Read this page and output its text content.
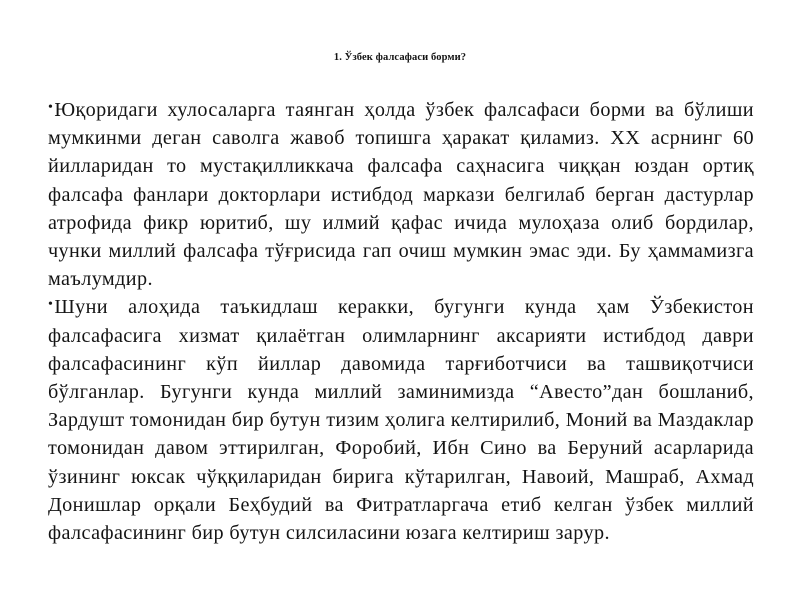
1. Ўзбек фалсафаси борми?

•Юқоридаги хулосаларга таянган ҳолда ўзбек фалсафаси борми ва бўлиши мумкинми деган саволга жавоб топишга ҳаракат қиламиз. ХХ асрнинг 60 йилларидан то мустақилликкача фалсафа саҳнасига чиққан юздан ортиқ фалсафа фанлари докторлари истибдод маркази белгилаб берган дастурлар атрофида фикр юритиб, шу илмий қафас ичида мулоҳаза олиб бордилар, чунки миллий фалсафа тўғрисида гап очиш мумкин эмас эди. Бу ҳаммамизга маълумдир.

•Шуни алоҳида таъкидлаш керакки, бугунги кунда ҳам Ўзбекистон фалсафасига хизмат қилаётган олимларнинг аксарияти истибдод даври фалсафасининг кўп йиллар давомида тарғиботчиси ва ташвиқотчиси бўлганлар. Бугунги кунда миллий заминимизда “Авесто”дан бошланиб, Зардушт томонидан бир бутун тизим ҳолига келтирилиб, Моний ва Маздаклар томонидан давом эттирилган, Форобий, Ибн Сино ва Беруний асарларида ўзининг юксак чўққиларидан бирига кўтарилган, Навоий, Машраб, Ахмад Донишлар орқали Беҳбудий ва Фитратларгача етиб келган ўзбек миллий фалсафасининг бир бутун силсиласини юзага келтириш зарур.
